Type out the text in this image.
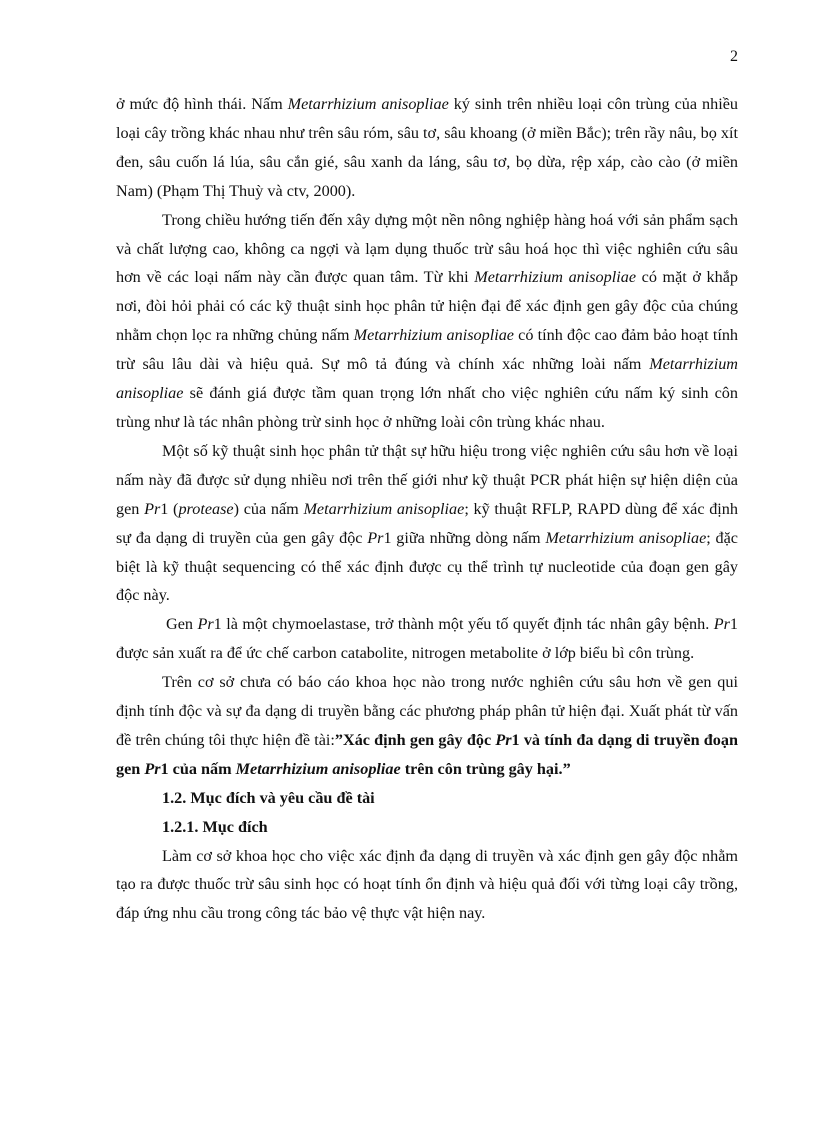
2

ở mức độ hình thái. Nấm Metarrhizium anisopliae ký sinh trên nhiều loại côn trùng của nhiều loại cây trồng khác nhau như trên sâu róm, sâu tơ, sâu khoang (ở miền Bắc); trên rầy nâu, bọ xít đen, sâu cuốn lá lúa, sâu cắn gié, sâu xanh da láng, sâu tơ, bọ dừa, rệp xáp, cào cào (ở miền Nam) (Phạm Thị Thuỳ và ctv, 2000).

Trong chiều hướng tiến đến xây dựng một nền nông nghiệp hàng hoá với sản phẩm sạch và chất lượng cao, không ca ngợi và lạm dụng thuốc trừ sâu hoá học thì việc nghiên cứu sâu hơn về các loại nấm này cần được quan tâm. Từ khi Metarrhizium anisopliae có mặt ở khắp nơi, đòi hỏi phải có các kỹ thuật sinh học phân tử hiện đại để xác định gen gây độc của chúng nhằm chọn lọc ra những chủng nấm Metarrhizium anisopliae có tính độc cao đảm bảo hoạt tính trừ sâu lâu dài và hiệu quả. Sự mô tả đúng và chính xác những loài nấm Metarrhizium anisopliae sẽ đánh giá được tầm quan trọng lớn nhất cho việc nghiên cứu nấm ký sinh côn trùng như là tác nhân phòng trừ sinh học ở những loài côn trùng khác nhau.

Một số kỹ thuật sinh học phân tử thật sự hữu hiệu trong việc nghiên cứu sâu hơn về loại nấm này đã được sử dụng nhiều nơi trên thế giới như kỹ thuật PCR phát hiện sự hiện diện của gen Pr1 (protease) của nấm Metarrhizium anisopliae; kỹ thuật RFLP, RAPD dùng để xác định sự đa dạng di truyền của gen gây độc Pr1 giữa những dòng nấm Metarrhizium anisopliae; đặc biệt là kỹ thuật sequencing có thể xác định được cụ thể trình tự nucleotide của đoạn gen gây độc này.

Gen Pr1 là một chymoelastase, trở thành một yếu tố quyết định tác nhân gây bệnh. Pr1 được sản xuất ra để ức chế carbon catabolite, nitrogen metabolite ở lớp biểu bì côn trùng.

Trên cơ sở chưa có báo cáo khoa học nào trong nước nghiên cứu sâu hơn về gen qui định tính độc và sự đa dạng di truyền bằng các phương pháp phân tử hiện đại. Xuất phát từ vấn đề trên chúng tôi thực hiện đề tài:”Xác định gen gây độc Pr1 và tính đa dạng di truyền đoạn gen Pr1 của nấm Metarrhizium anisopliae trên côn trùng gây hại.”

1.2. Mục đích và yêu cầu đề tài

1.2.1. Mục đích

Làm cơ sở khoa học cho việc xác định đa dạng di truyền và xác định gen gây độc nhằm tạo ra được thuốc trừ sâu sinh học có hoạt tính ổn định và hiệu quả đối với từng loại cây trồng, đáp ứng nhu cầu trong công tác bảo vệ thực vật hiện nay.
